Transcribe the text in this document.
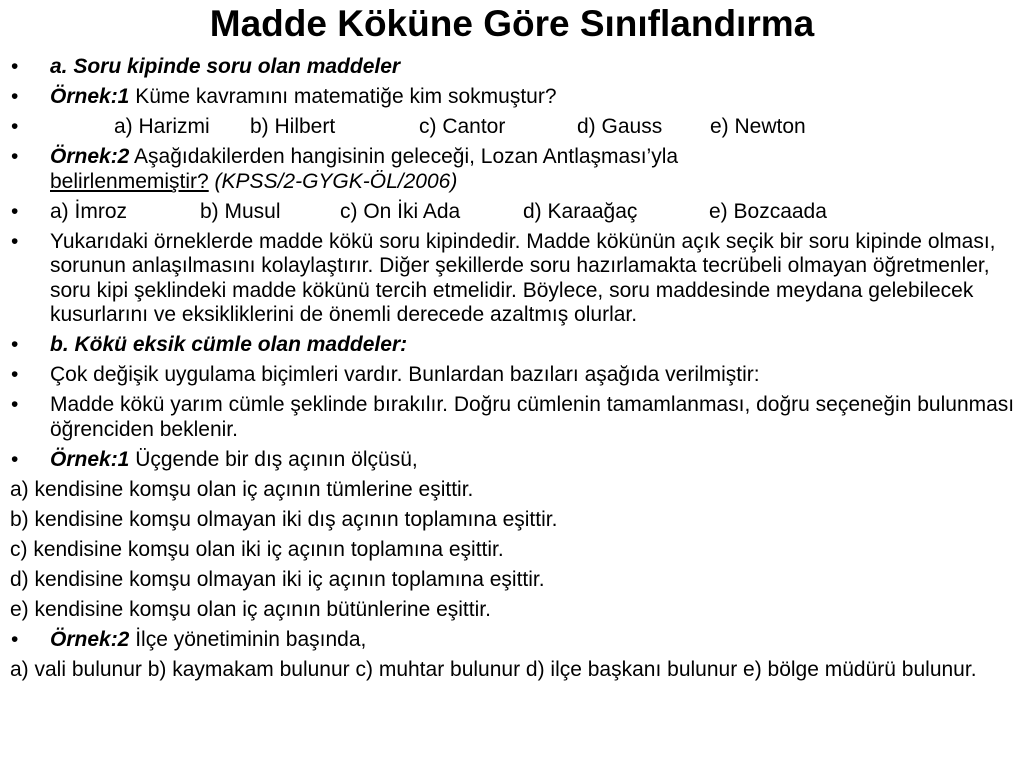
Madde Köküne Göre Sınıflandırma
• a. Soru kipinde soru olan maddeler
• Örnek:1 Küme kavramını matematiğe kim sokmuştur?
•	a) Harizmi b) Hilbert	c) Cantor	d) Gauss e) Newton
• Örnek:2 Aşağıdakilerden hangisinin geleceği, Lozan Antlaşması’yla
belirlenmemiştir? (KPSS/2-GYGK-ÖL/2006)
• a) İmroz	b) Musul	c) On İki Ada	d) Karaağaç	e) Bozcaada
• Yukarıdaki örneklerde madde kökü soru kipindedir. Madde kökünün açık seçik bir soru kipinde olması, sorunun anlaşılmasını kolaylaştırır. Diğer şekillerde soru hazırlamakta tecrübeli olmayan öğretmenler, soru kipi şeklindeki madde kökünü tercih etmelidir. Böylece, soru maddesinde meydana gelebilecek kusurlarını ve eksikliklerini de önemli derecede azaltmış olurlar.
• b. Kökü eksik cümle olan maddeler:
• Çok değişik uygulama biçimleri vardır. Bunlardan bazıları aşağıda verilmiştir:
• Madde kökü yarım cümle şeklinde bırakılır. Doğru cümlenin tamamlanması, doğru seçeneğin bulunması öğrenciden beklenir.
• Örnek:1 Üçgende bir dış açının ölçüsü,
a) kendisine komşu olan iç açının tümlerine eşittir.
b) kendisine komşu olmayan iki dış açının toplamına eşittir.
c) kendisine komşu olan iki iç açının toplamına eşittir.
d) kendisine komşu olmayan iki iç açının toplamına eşittir.
e) kendisine komşu olan iç açının bütünlerine eşittir.
• Örnek:2 İlçe yönetiminin başında,
a) vali bulunur b) kaymakam bulunur c) muhtar bulunur d) ilçe başkanı bulunur e) bölge müdürü bulunur.
